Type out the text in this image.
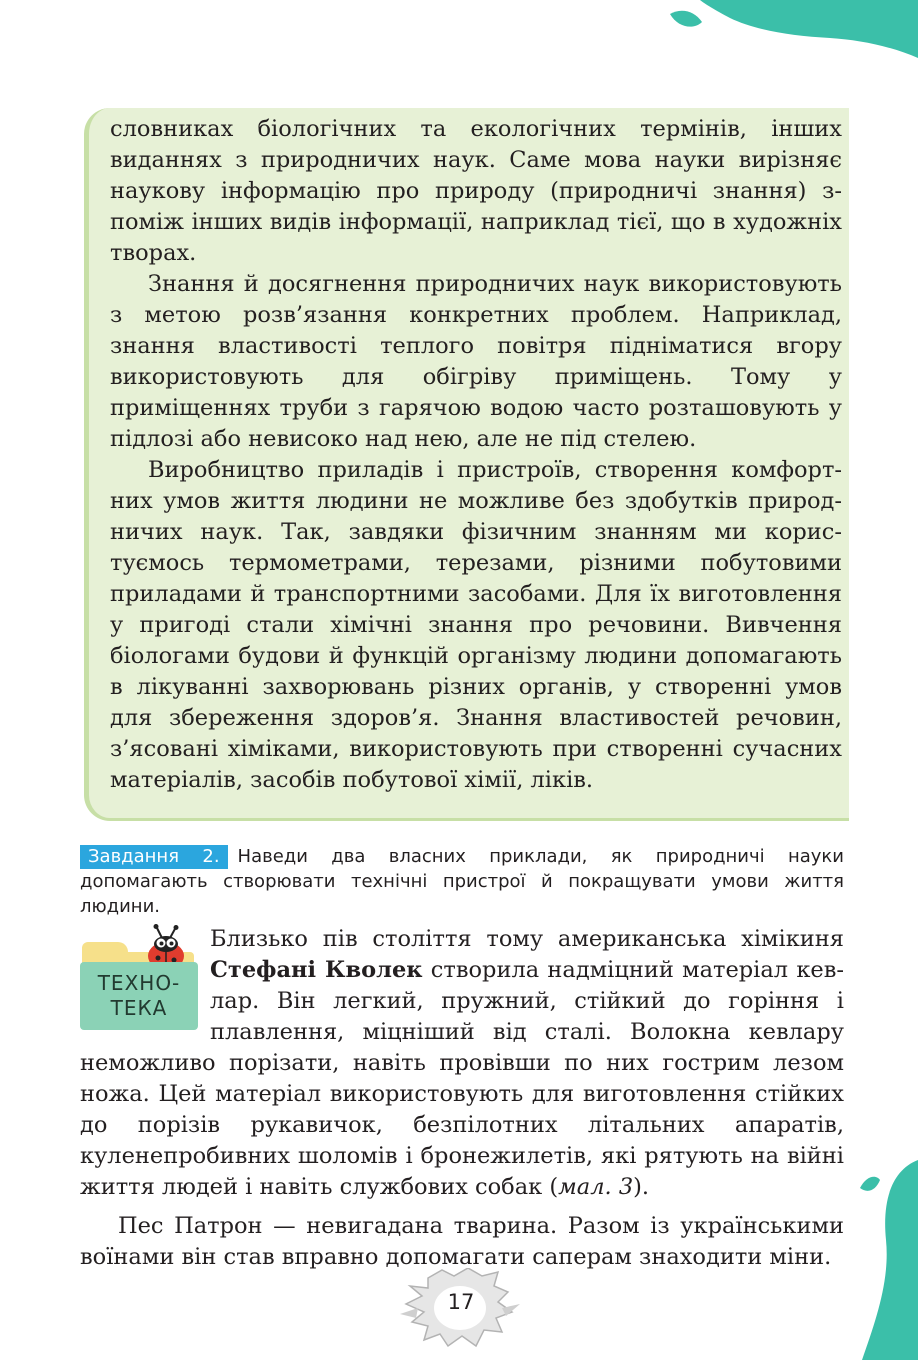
словниках біологічних та екологічних термінів, інших виданнях з природничих наук. Саме мова науки вирізняє наукову інформацію про природу (природничі знання) з-поміж інших видів інформації, наприклад тієї, що в художніх творах.

Знання й досягнення природничих наук використовують з метою розв’язання конкретних проблем. Наприклад, знання властивості теплого повітря підніматися вгору використовують для обігріву приміщень. Тому у приміщеннях труби з гарячою водою часто розташовують у підлозі або невисоко над нею, але не під стелею.

Виробництво приладів і пристроїв, створення комфортних умов життя людини не можливе без здобутків природничих наук. Так, завдяки фізичним знанням ми користуємось термометрами, терезами, різними побутовими приладами й транспортними засобами. Для їх виготовлення у пригоді стали хімічні знання про речовини. Вивчення біологами будови й функцій організму людини допомагають в лікуванні захворювань різних органів, у створенні умов для збереження здоров’я. Знання властивостей речовин, з’ясовані хіміками, використовують при створенні сучасних матеріалів, засобів побутової хімії, ліків.

Завдання 2. Наведи два власних приклади, як природничі науки допомагають створювати технічні пристрої й покращувати умови життя людини.
ТЕХНО-
ТЕКА

Близько пів століття тому американська хімікиня Стефані Кволек створила надміцний матеріал кевлар. Він легкий, пружний, стійкий до горіння і плавлення, міцніший від сталі. Волокна кевлару неможливо порізати, навіть провівши по них гострим лезом ножа. Цей матеріал використовують для виготовлення стійких до порізів рукавичок, безпілотних літальних апаратів, куленепробивних шоломів і бронежилетів, які рятують на війні життя людей і навіть службових собак (мал. 3).

Пес Патрон — невигадана тварина. Разом із українськими воїнами він став вправно допомагати саперам знаходити міни.

17
